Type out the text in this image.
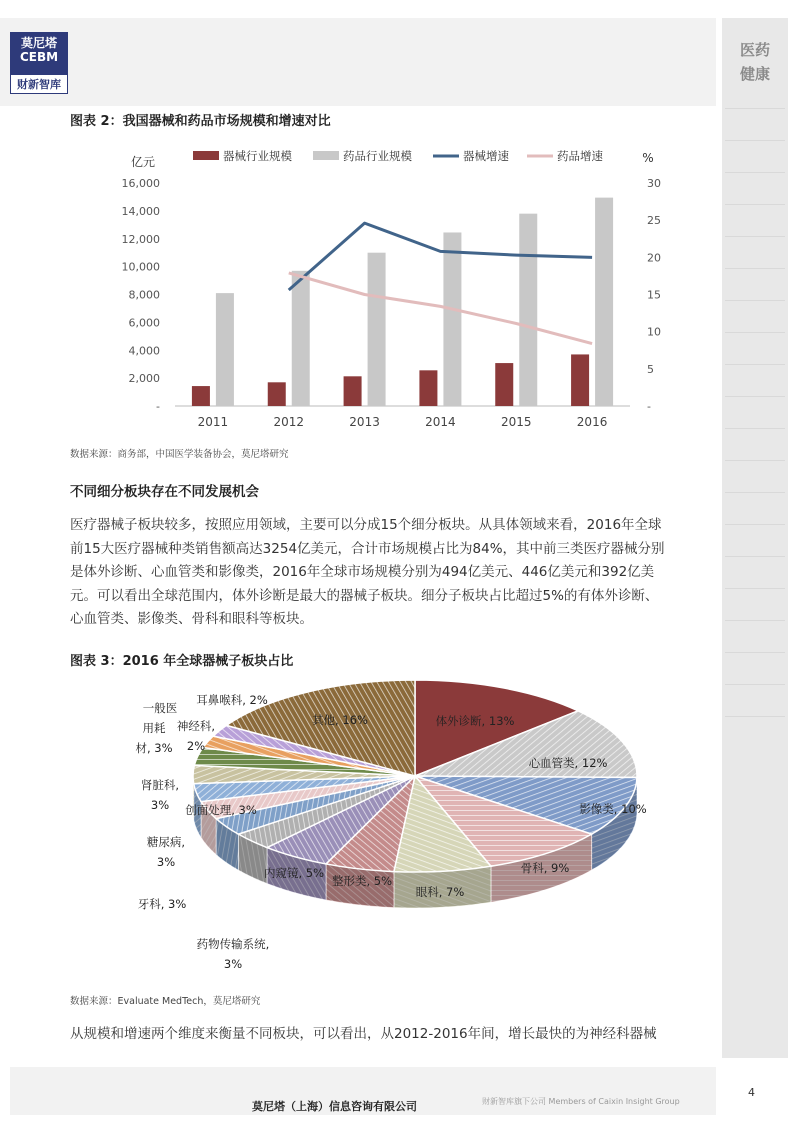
莫尼塔
CEBM
财新智库
医药
健康
图表 2：我国器械和药品市场规模和增速对比
亿元
-
2,000
4,000
6,000
8,000
10,000
12,000
14,000
16,000
%
-
5
10
15
20
25
30
器械行业规模	药品行业规模	器械增速	药品增速
2011	2012	2013	2014	2015	2016
数据来源：商务部，中国医学装备协会，莫尼塔研究
不同细分板块存在不同发展机会
医疗器械子板块较多，按照应用领域，主要可以分成15个细分板块。从具体领域来看，2016年全球
前15大医疗器械种类销售额高达3254亿美元，合计市场规模占比为84%，其中前三类医疗器械分别
是体外诊断、心血管类和影像类，2016年全球市场规模分别为494亿美元、446亿美元和392亿美
元。可以看出全球范围内，体外诊断是最大的器械子板块。细分子板块占比超过5%的有体外诊断、
心血管类、影像类、骨科和眼科等板块。
图表 3：2016 年全球器械子板块占比
体外诊断, 13%
心血管类, 12%
影像类, 10%
骨科, 9%
眼科, 7%
整形类, 5%
内窥镜, 5%
其他, 16%
药物传输系统,
3%
牙科, 3%
糖尿病,
3%
创面处理, 3%
肾脏科,
3%
一般医
用耗
材, 3%
神经科,
2%
耳鼻喉科, 2%
数据来源：Evaluate MedTech，莫尼塔研究
从规模和增速两个维度来衡量不同板块，可以看出，从2012-2016年间，增长最快的为神经科器械
莫尼塔（上海）信息咨询有限公司	财新智库旗下公司 Members of Caixin Insight Group
4
